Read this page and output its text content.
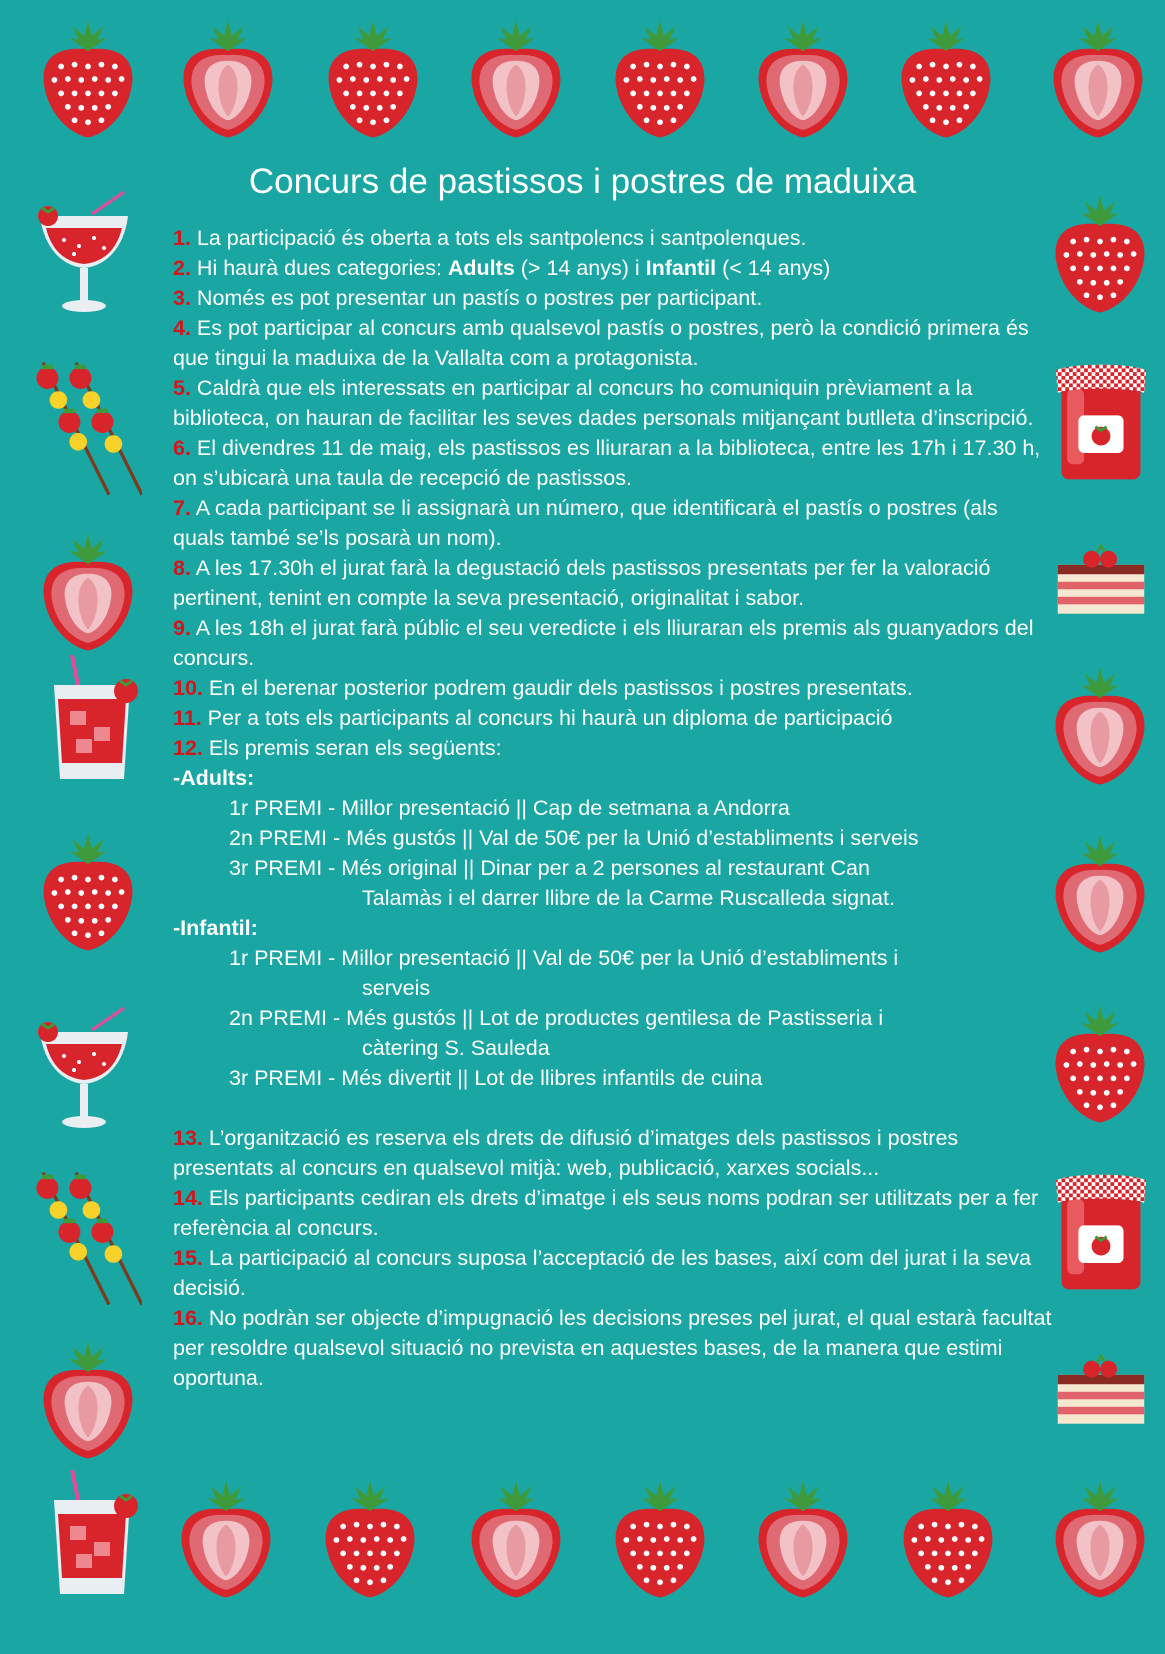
Concurs de pastissos i postres de maduixa

1. La participació és oberta a tots els santpolencs i santpolenques.

2. Hi haurà dues categories: Adults (> 14 anys) i Infantil (< 14 anys)

3. Només es pot presentar un pastís o postres per participant.

4. Es pot participar al concurs amb qualsevol pastís o postres, però la condició primera és que tingui la maduixa de la Vallalta com a protagonista.

5. Caldrà que els interessats en participar al concurs ho comuniquin prèviament a la biblioteca, on hauran de facilitar les seves dades personals mitjançant butlleta d’inscripció.

6. El divendres 11 de maig, els pastissos es lliuraran a la biblioteca, entre les 17h i 17.30 h, on s’ubicarà una taula de recepció de pastissos.

7. A cada participant se li assignarà un número, que identificarà el pastís o postres (als quals també se’ls posarà un nom).

8. A les 17.30h el jurat farà la degustació dels pastissos presentats per fer la valoració pertinent, tenint en compte la seva presentació, originalitat i sabor.

9. A les 18h el jurat farà públic el seu veredicte i els lliuraran els premis als guanyadors del concurs.

10. En el berenar posterior podrem gaudir dels pastissos i postres presentats.

11. Per a tots els participants al concurs hi haurà un diploma de participació

12. Els premis seran els següents:

-Adults:

1r PREMI - Millor presentació || Cap de setmana a Andorra

2n PREMI - Més gustós || Val de 50€ per la Unió d’establiments i serveis

3r PREMI - Més original || Dinar per a 2 persones al restaurant Can

Talamàs i el darrer llibre de la Carme Ruscalleda signat.

-Infantil:

1r PREMI - Millor presentació || Val de 50€ per la Unió d’establiments i

serveis

2n PREMI - Més gustós || Lot de productes gentilesa de Pastisseria i

càtering S. Sauleda

3r PREMI - Més divertit || Lot de llibres infantils de cuina

13. L’organització es reserva els drets de difusió d’imatges dels pastissos i postres presentats al concurs en qualsevol mitjà: web, publicació, xarxes socials...

14. Els participants cediran els drets d’imatge i els seus noms podran ser utilitzats per a fer referència al concurs.

15. La participació al concurs suposa l’acceptació de les bases, així com del jurat i la seva decisió.

16. No podràn ser objecte d’impugnació les decisions preses pel jurat, el qual estarà facultat per resoldre qualsevol situació no prevista en aquestes bases, de la manera que estimi oportuna.
